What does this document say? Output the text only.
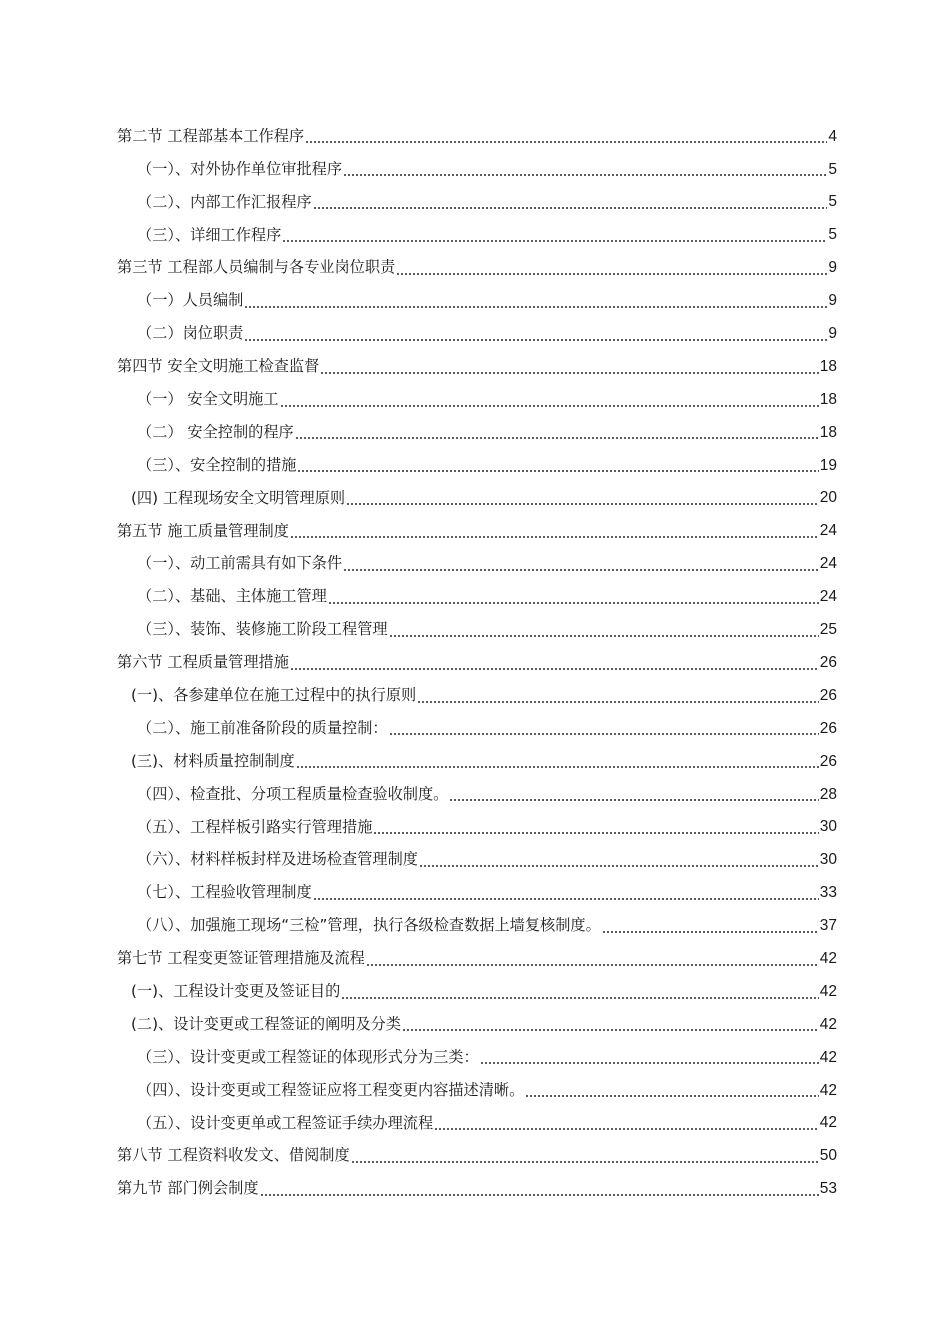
第二节 工程部基本工作程序	4
（一）、对外协作单位审批程序	5
（二）、内部工作汇报程序	5
（三）、详细工作程序	5
第三节 工程部人员编制与各专业岗位职责	9
（一）人员编制	9
（二）岗位职责	9
第四节 安全文明施工检查监督	18
（一） 安全文明施工	18
（二） 安全控制的程序	18
（三）、安全控制的措施	19
(四) 工程现场安全文明管理原则	20
第五节 施工质量管理制度	24
（一）、动工前需具有如下条件	24
（二）、基础、主体施工管理	24
（三）、装饰、装修施工阶段工程管理	25
第六节 工程质量管理措施	26
(一)、各参建单位在施工过程中的执行原则	26
（二）、施工前准备阶段的质量控制：	26
(三)、材料质量控制制度	26
（四）、检查批、分项工程质量检查验收制度。	28
（五）、工程样板引路实行管理措施	30
（六）、材料样板封样及进场检查管理制度	30
（七）、工程验收管理制度	33
（八）、加强施工现场“三检”管理，执行各级检查数据上墙复核制度。	37
第七节 工程变更签证管理措施及流程	42
(一)、工程设计变更及签证目的	42
(二)、设计变更或工程签证的阐明及分类	42
（三）、设计变更或工程签证的体现形式分为三类：	42
（四）、设计变更或工程签证应将工程变更内容描述清晰。	42
（五）、设计变更单或工程签证手续办理流程	42
第八节 工程资料收发文、借阅制度	50
第九节 部门例会制度	53
